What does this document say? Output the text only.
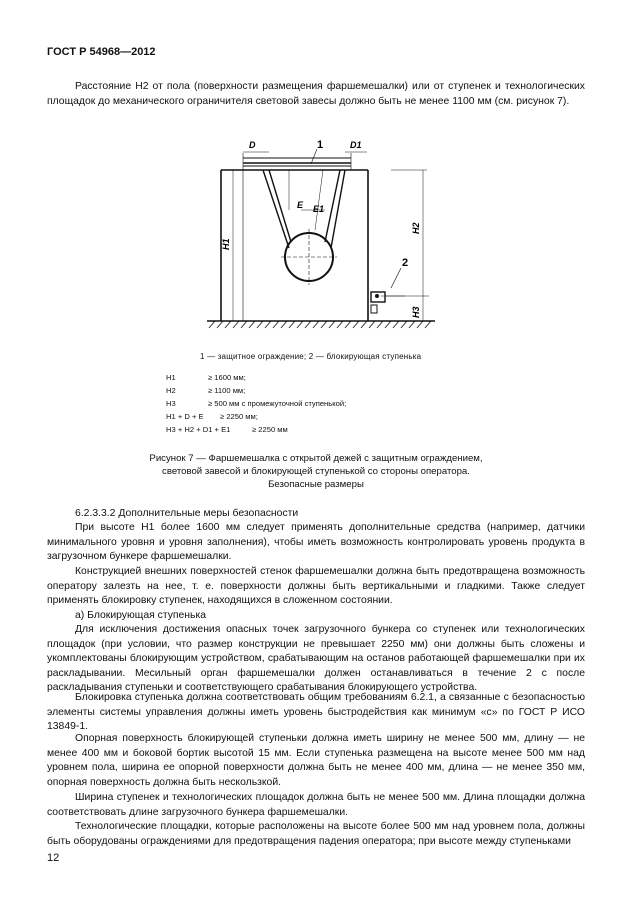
ГОСТ Р 54968—2012
Расстояние H2 от пола (поверхности размещения фаршемешалки) или от ступенек и технологических площадок до механического ограничителя световой завесы должно быть не менее 1100 мм (см. рисунок 7).
D	D1
1
E E1
H1
H2
H3
2
1 — защитное ограждение; 2 — блокирующая ступенька
H1	≥ 1600 мм;
H2	≥ 1100 мм;
H3	≥ 500 мм с промежуточной ступенькой;
H1 + D + E ≥ 2250 мм;
H3 + H2 + D1 + E1	≥ 2250 мм
Рисунок 7 — Фаршемешалка с открытой дежей с защитным ограждением,
световой завесой и блокирующей ступенькой со стороны оператора.
Безопасные размеры
6.2.3.3.2 Дополнительные меры безопасности
При высоте H1 более 1600 мм следует применять дополнительные средства (например, датчики минимального уровня и уровня заполнения), чтобы иметь возможность контролировать уровень продукта в загрузочном бункере фаршемешалки.
Конструкцией внешних поверхностей стенок фаршемешалки должна быть предотвращена возможность оператору залезть на нее, т. е. поверхности должны быть вертикальными и гладкими. Также следует применять блокировку ступенек, находящихся в сложенном состоянии.
а) Блокирующая ступенька
Для исключения достижения опасных точек загрузочного бункера со ступенек или технологических площадок (при условии, что размер конструкции не превышает 2250 мм) они должны быть сложены и укомплектованы блокирующим устройством, срабатывающим на останов работающей фаршемешалки при их раскладывании. Месильный орган фаршемешалки должен останавливаться в течение 2 с после раскладывания ступеньки и соответствующего срабатывания блокирующего устройства.
Блокировка ступенька должна соответствовать общим требованиям 6.2.1, а связанные с безопасностью элементы системы управления должны иметь уровень быстродействия как минимум «с» по ГОСТ Р ИСО 13849-1.
Опорная поверхность блокирующей ступеньки должна иметь ширину не менее 500 мм, длину — не менее 400 мм и боковой бортик высотой 15 мм. Если ступенька размещена на высоте менее 500 мм над уровнем пола, ширина ее опорной поверхности должна быть не менее 400 мм, длина — не менее 350 мм, опорная поверхность должна быть нескользкой.
Ширина ступенек и технологических площадок должна быть не менее 500 мм. Длина площадки должна соответствовать длине загрузочного бункера фаршемешалки.
Технологические площадки, которые расположены на высоте более 500 мм над уровнем пола, должны быть оборудованы ограждениями для предотвращения падения оператора; при высоте между ступеньками
12
